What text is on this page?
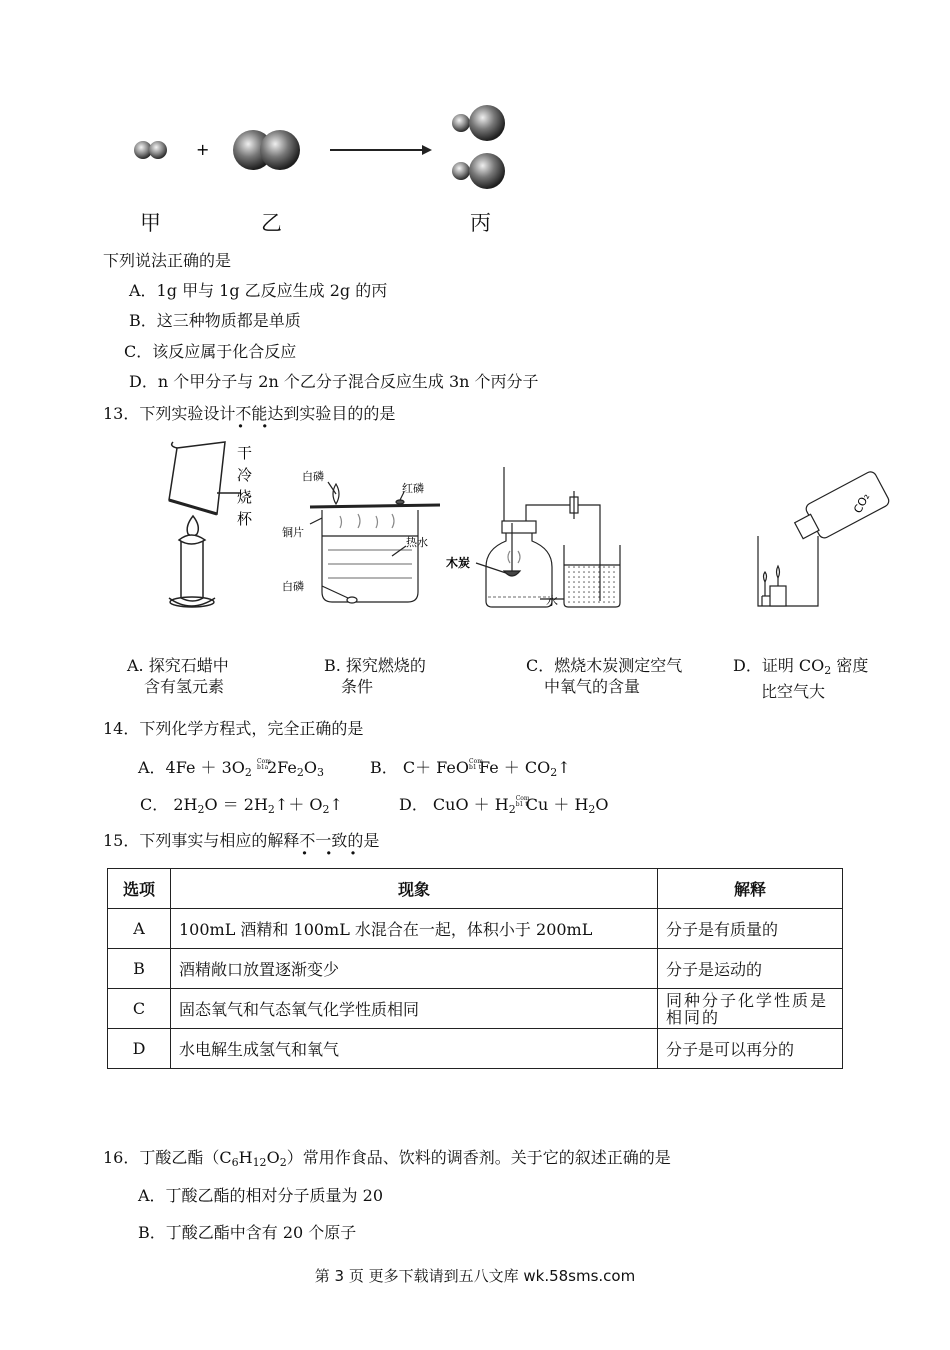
+
甲	乙	丙
下列说法正确的是
A．1g 甲与 1g 乙反应生成 2g 的丙
B．这三种物质都是单质
C．该反应属于化合反应
D．n 个甲分子与 2n 个乙分子混合反应生成 3n 个丙分子
13．下列实验设计不能 · ·达到实验目的的是
干
冷
烧
杯
白磷
红磷
铜片
热水
白磷
木炭
水
CO₂
A. 探究石蜡中
含有氢元素
B. 探究燃烧的
条件
C．燃烧木炭测定空气
中氧气的含量
D．证明 $CO_2$ 密度
比空气大
14．下列化学方程式，完全正确的是
A．$4Fe + 3O_2$ Com
$b1a2Fe_2O_3$	B． C＋ FeOCom
b1 tFe ＋ $CO_2↑$
C． $2H_2O$ ＝ $2H_2↑+$ $O_2↑$	D． CuO ＋ $H_2Com$
b1 tCu ＋ $H_2O$
15．下列事实与相应的解释不一致 · · ·的是
选项	现象	解释
A	100mL 酒精和 100mL 水混合在一起，体积小于 200mL	分子是有质量的
B	酒精敞口放置逐渐变少	分子是运动的
C	固态氧气和气态氧气化学性质相同	同种分子化学性质是相同的
D	水电解生成氢气和氧气	分子是可以再分的
16．丁酸乙酯$(C_6H_{12}O_2)$常用作食品、饮料的调香剂。关于它的叙述正确的是
A．丁酸乙酯的相对分子质量为 20
B．丁酸乙酯中含有 20 个原子
第 3 页 更多下载请到五八文库 wk.58sms.com
